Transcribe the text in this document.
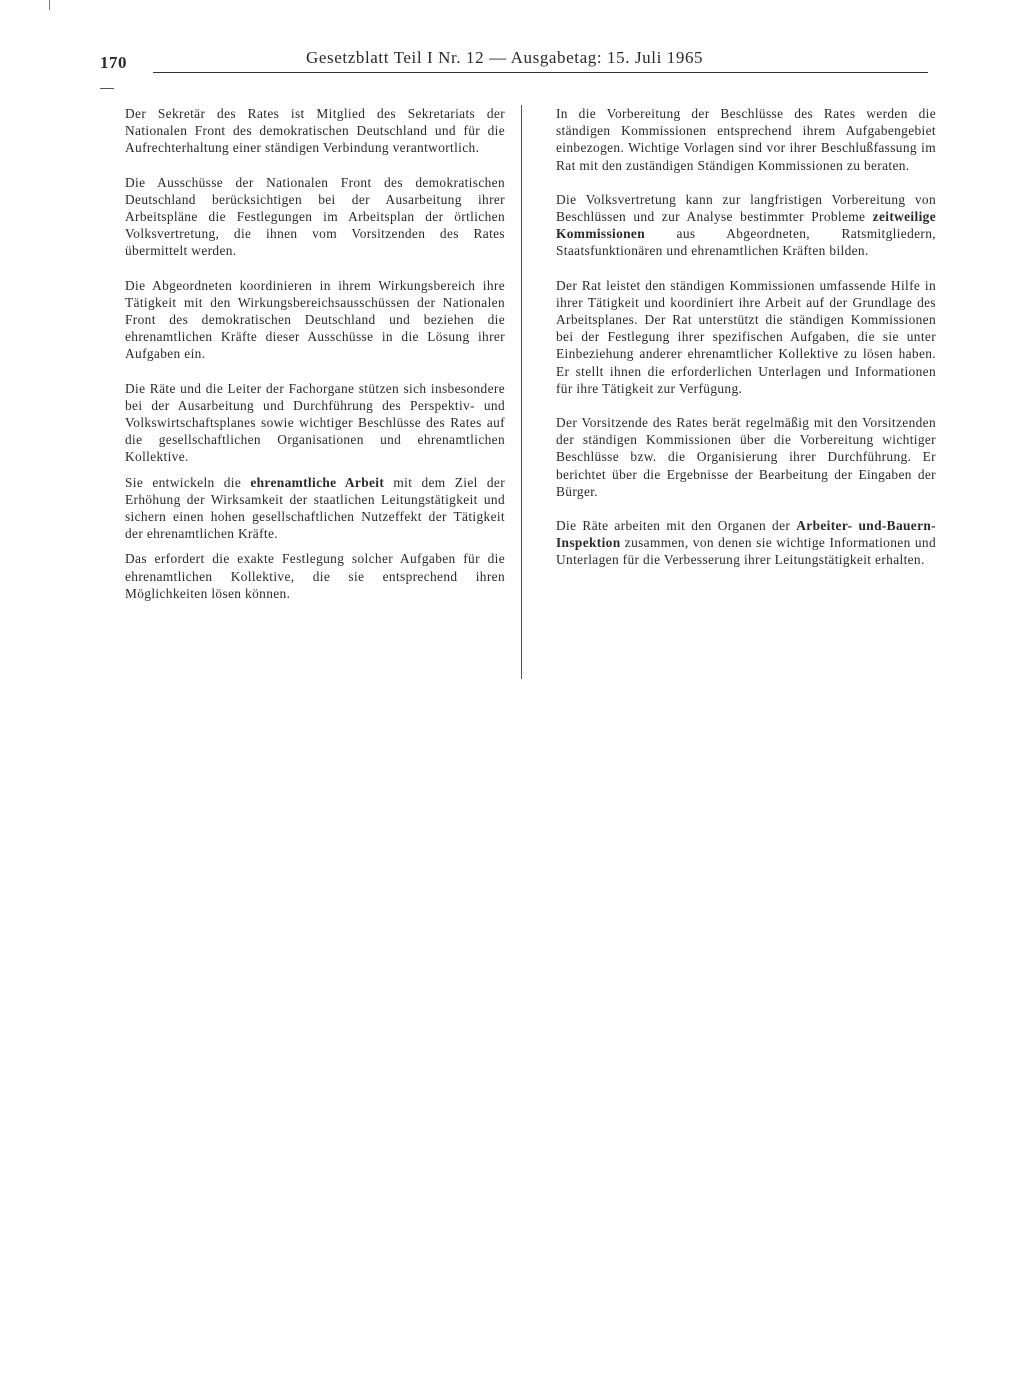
170	Gesetzblatt Teil I Nr. 12 — Ausgabetag: 15. Juli 1965

Der Sekretär des Rates ist Mitglied des Sekretariats der Nationalen Front des demokratischen Deutschland und für die Aufrechterhaltung einer ständigen Verbindung verantwortlich.

Die Ausschüsse der Nationalen Front des demokratischen Deutschland berücksichtigen bei der Ausarbeitung ihrer Arbeitspläne die Festlegungen im Arbeitsplan der örtlichen Volksvertretung, die ihnen vom Vorsitzenden des Rates übermittelt werden.

Die Abgeordneten koordinieren in ihrem Wirkungsbereich ihre Tätigkeit mit den Wirkungsbereichsausschüssen der Nationalen Front des demokratischen Deutschland und beziehen die ehrenamtlichen Kräfte dieser Ausschüsse in die Lösung ihrer Aufgaben ein.

Die Räte und die Leiter der Fachorgane stützen sich insbesondere bei der Ausarbeitung und Durchführung des Perspektiv- und Volkswirtschaftsplanes sowie wichtiger Beschlüsse des Rates auf die gesellschaftlichen Organisationen und ehrenamtlichen Kollektive.

Sie entwickeln die ehrenamtliche Arbeit mit dem Ziel der Erhöhung der Wirksamkeit der staatlichen Leitungstätigkeit und sichern einen hohen gesellschaftlichen Nutzeffekt der Tätigkeit der ehrenamtlichen Kräfte.

Das erfordert die exakte Festlegung solcher Aufgaben für die ehrenamtlichen Kollektive, die sie entsprechend ihren Möglichkeiten lösen können.

In die Vorbereitung der Beschlüsse des Rates werden die ständigen Kommissionen entsprechend ihrem Aufgabengebiet einbezogen. Wichtige Vorlagen sind vor ihrer Beschlußfassung im Rat mit den zuständigen Ständigen Kommissionen zu beraten.

Die Volksvertretung kann zur langfristigen Vorbereitung von Beschlüssen und zur Analyse bestimmter Probleme zeitweilige Kommissionen aus Abgeordneten, Ratsmitgliedern, Staatsfunktionären und ehrenamtlichen Kräften bilden.

Der Rat leistet den ständigen Kommissionen umfassende Hilfe in ihrer Tätigkeit und koordiniert ihre Arbeit auf der Grundlage des Arbeitsplanes. Der Rat unterstützt die ständigen Kommissionen bei der Festlegung ihrer spezifischen Aufgaben, die sie unter Einbeziehung anderer ehrenamtlicher Kollektive zu lösen haben. Er stellt ihnen die erforderlichen Unterlagen und Informationen für ihre Tätigkeit zur Verfügung.

Der Vorsitzende des Rates berät regelmäßig mit den Vorsitzenden der ständigen Kommissionen über die Vorbereitung wichtiger Beschlüsse bzw. die Organisierung ihrer Durchführung. Er berichtet über die Ergebnisse der Bearbeitung der Eingaben der Bürger.

Die Räte arbeiten mit den Organen der Arbeiter- und-Bauern-Inspektion zusammen, von denen sie wichtige Informationen und Unterlagen für die Verbesserung ihrer Leitungstätigkeit erhalten.
